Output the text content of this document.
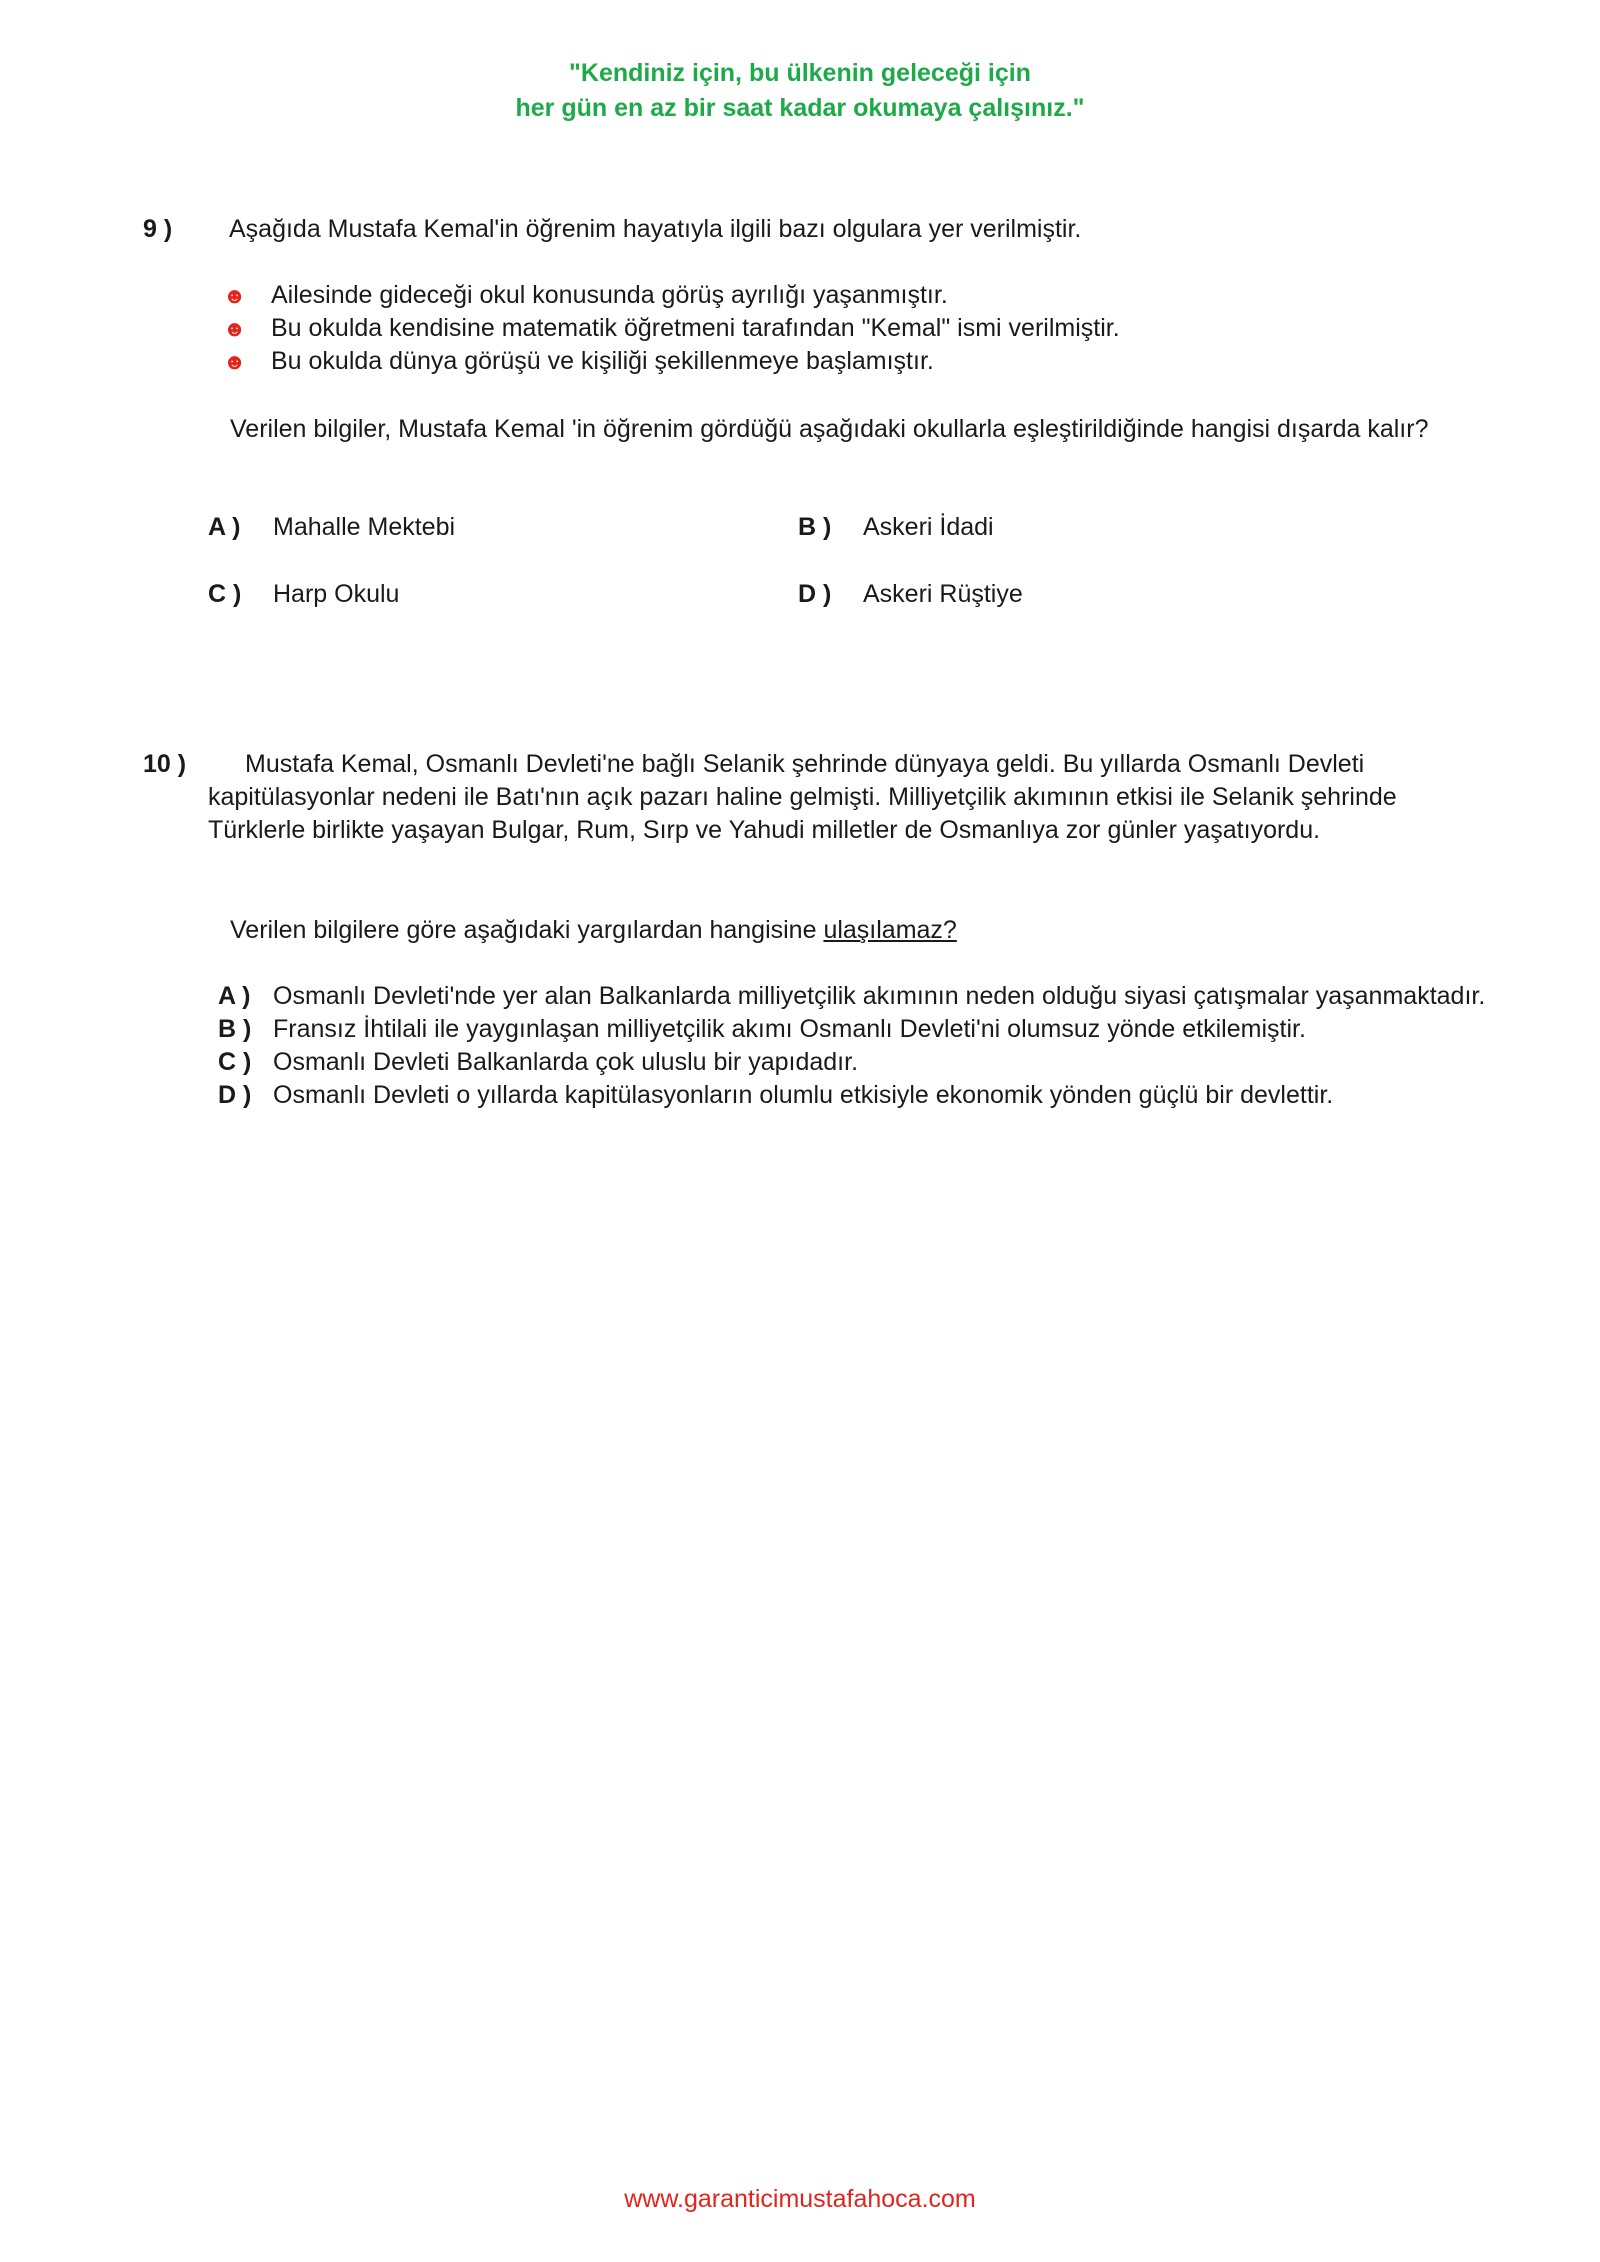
"Kendiniz için, bu ülkenin geleceği için
her gün en az bir saat kadar okumaya çalışınız."
9 ) Aşağıda Mustafa Kemal'in öğrenim hayatıyla ilgili bazı olgulara yer verilmiştir.
☻ Ailesinde gideceği okul konusunda görüş ayrılığı yaşanmıştır.
☻ Bu okulda kendisine matematik öğretmeni tarafından "Kemal" ismi verilmiştir.
☻ Bu okulda dünya görüşü ve kişiliği şekillenmeye başlamıştır.
Verilen bilgiler, Mustafa Kemal 'in öğrenim gördüğü aşağıdaki okullarla eşleştirildiğinde hangisi dışarda kalır?
A ) Mahalle Mektebi	B ) Askeri İdadi
C ) Harp Okulu	D ) Askeri Rüştiye
10 )	Mustafa Kemal, Osmanlı Devleti'ne bağlı Selanik şehrinde dünyaya geldi. Bu yıllarda Osmanlı Devleti kapitülasyonlar nedeni ile Batı'nın açık pazarı haline gelmişti. Milliyetçilik akımının etkisi ile Selanik şehrinde Türklerle birlikte yaşayan Bulgar, Rum, Sırp ve Yahudi milletler de Osmanlıya zor günler yaşatıyordu.
Verilen bilgilere göre aşağıdaki yargılardan hangisine ulaşılamaz?
A ) Osmanlı Devleti'nde yer alan Balkanlarda milliyetçilik akımının neden olduğu siyasi çatışmalar yaşanmaktadır.
B ) Fransız İhtilali ile yaygınlaşan milliyetçilik akımı Osmanlı Devleti'ni olumsuz yönde etkilemiştir.
C ) Osmanlı Devleti Balkanlarda çok uluslu bir yapıdadır.
D ) Osmanlı Devleti o yıllarda kapitülasyonların olumlu etkisiyle ekonomik yönden güçlü bir devlettir.
www.garanticimustafahoca.com
